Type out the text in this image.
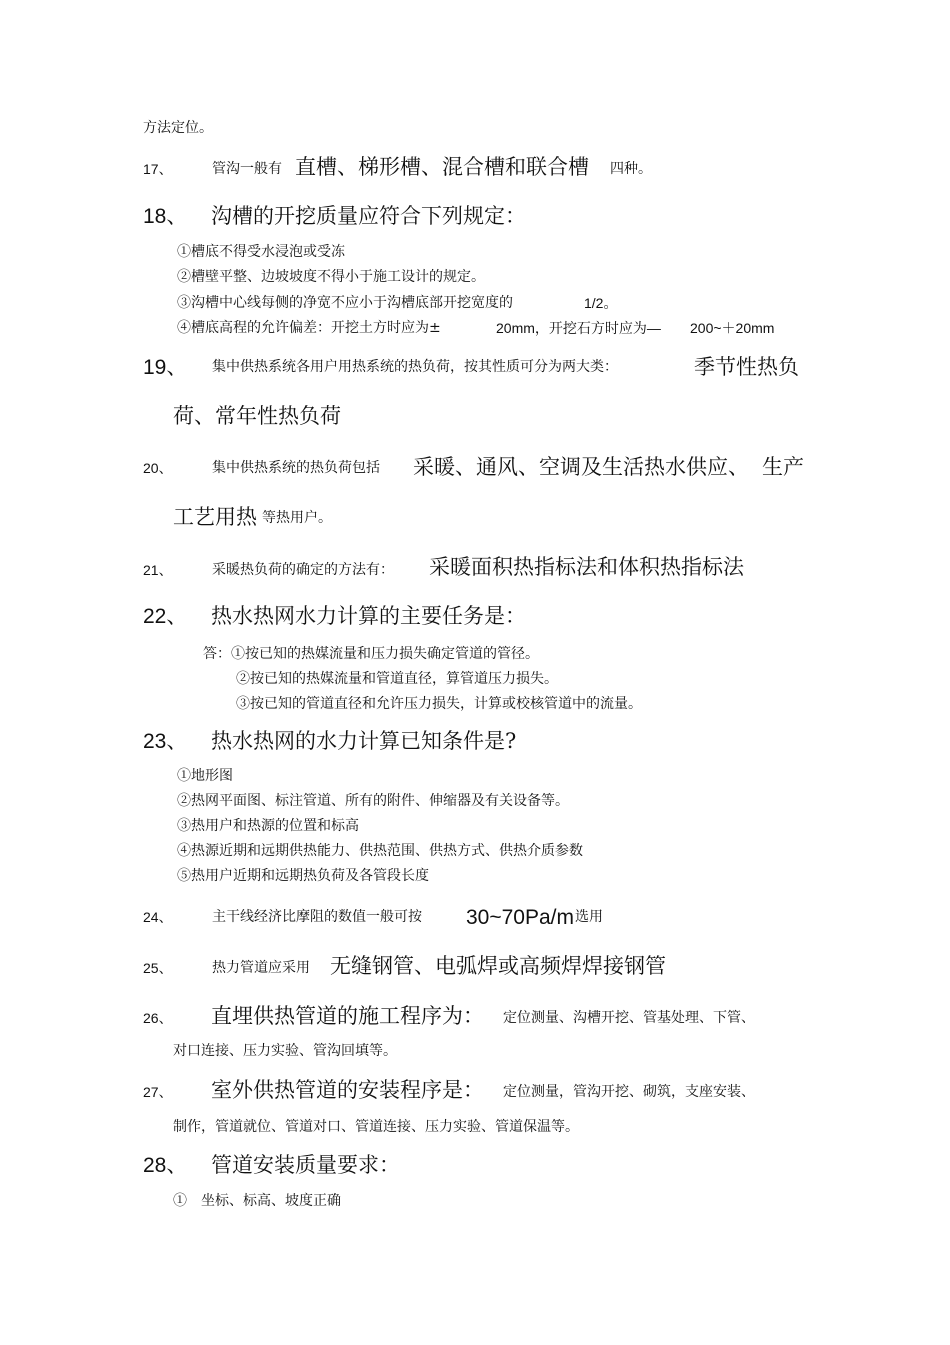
方法定位。
17、	管沟一般有 直槽、梯形槽、混合槽和联合槽 四种。
18、 沟槽的开挖质量应符合下列规定：
①槽底不得受水浸泡或受冻
②槽壁平整、边坡坡度不得小于施工设计的规定。
③沟槽中心线每侧的净宽不应小于沟槽底部开挖宽度的	1/2。
④槽底高程的允许偏差：开挖土方时应为±	20mm，开挖石方时应为— 200~＋20mm
19、 集中供热系统各用户用热系统的热负荷，按其性质可分为两大类：	季节性热负
荷、常年性热负荷
20、	集中供热系统的热负荷包括 采暖、通风、空调及生活热水供应、 生产
工艺用热 等热用户。
21、	采暖热负荷的确定的方法有： 采暖面积热指标法和体积热指标法
22、 热水热网水力计算的主要任务是：
答：①按已知的热媒流量和压力损失确定管道的管径。
②按已知的热媒流量和管道直径，算管道压力损失。
③按已知的管道直径和允许压力损失，计算或校核管道中的流量。
23、 热水热网的水力计算已知条件是?
①地形图
②热网平面图、标注管道、所有的附件、伸缩器及有关设备等。
③热用户和热源的位置和标高
④热源近期和远期供热能力、供热范围、供热方式、供热介质参数
⑤热用户近期和远期热负荷及各管段长度
24、	主干线经济比摩阻的数值一般可按 30~70Pa/m 选用
25、	热力管道应采用 无缝钢管、电弧焊或高频焊焊接钢管
26、 直埋供热管道的施工程序为： 定位测量、沟槽开挖、管基处理、下管、
对口连接、压力实验、管沟回填等。
27、 室外供热管道的安装程序是： 定位测量，管沟开挖、砌筑，支座安装、
制作，管道就位、管道对口、管道连接、压力实验、管道保温等。
28、 管道安装质量要求：
①　坐标、标高、坡度正确
